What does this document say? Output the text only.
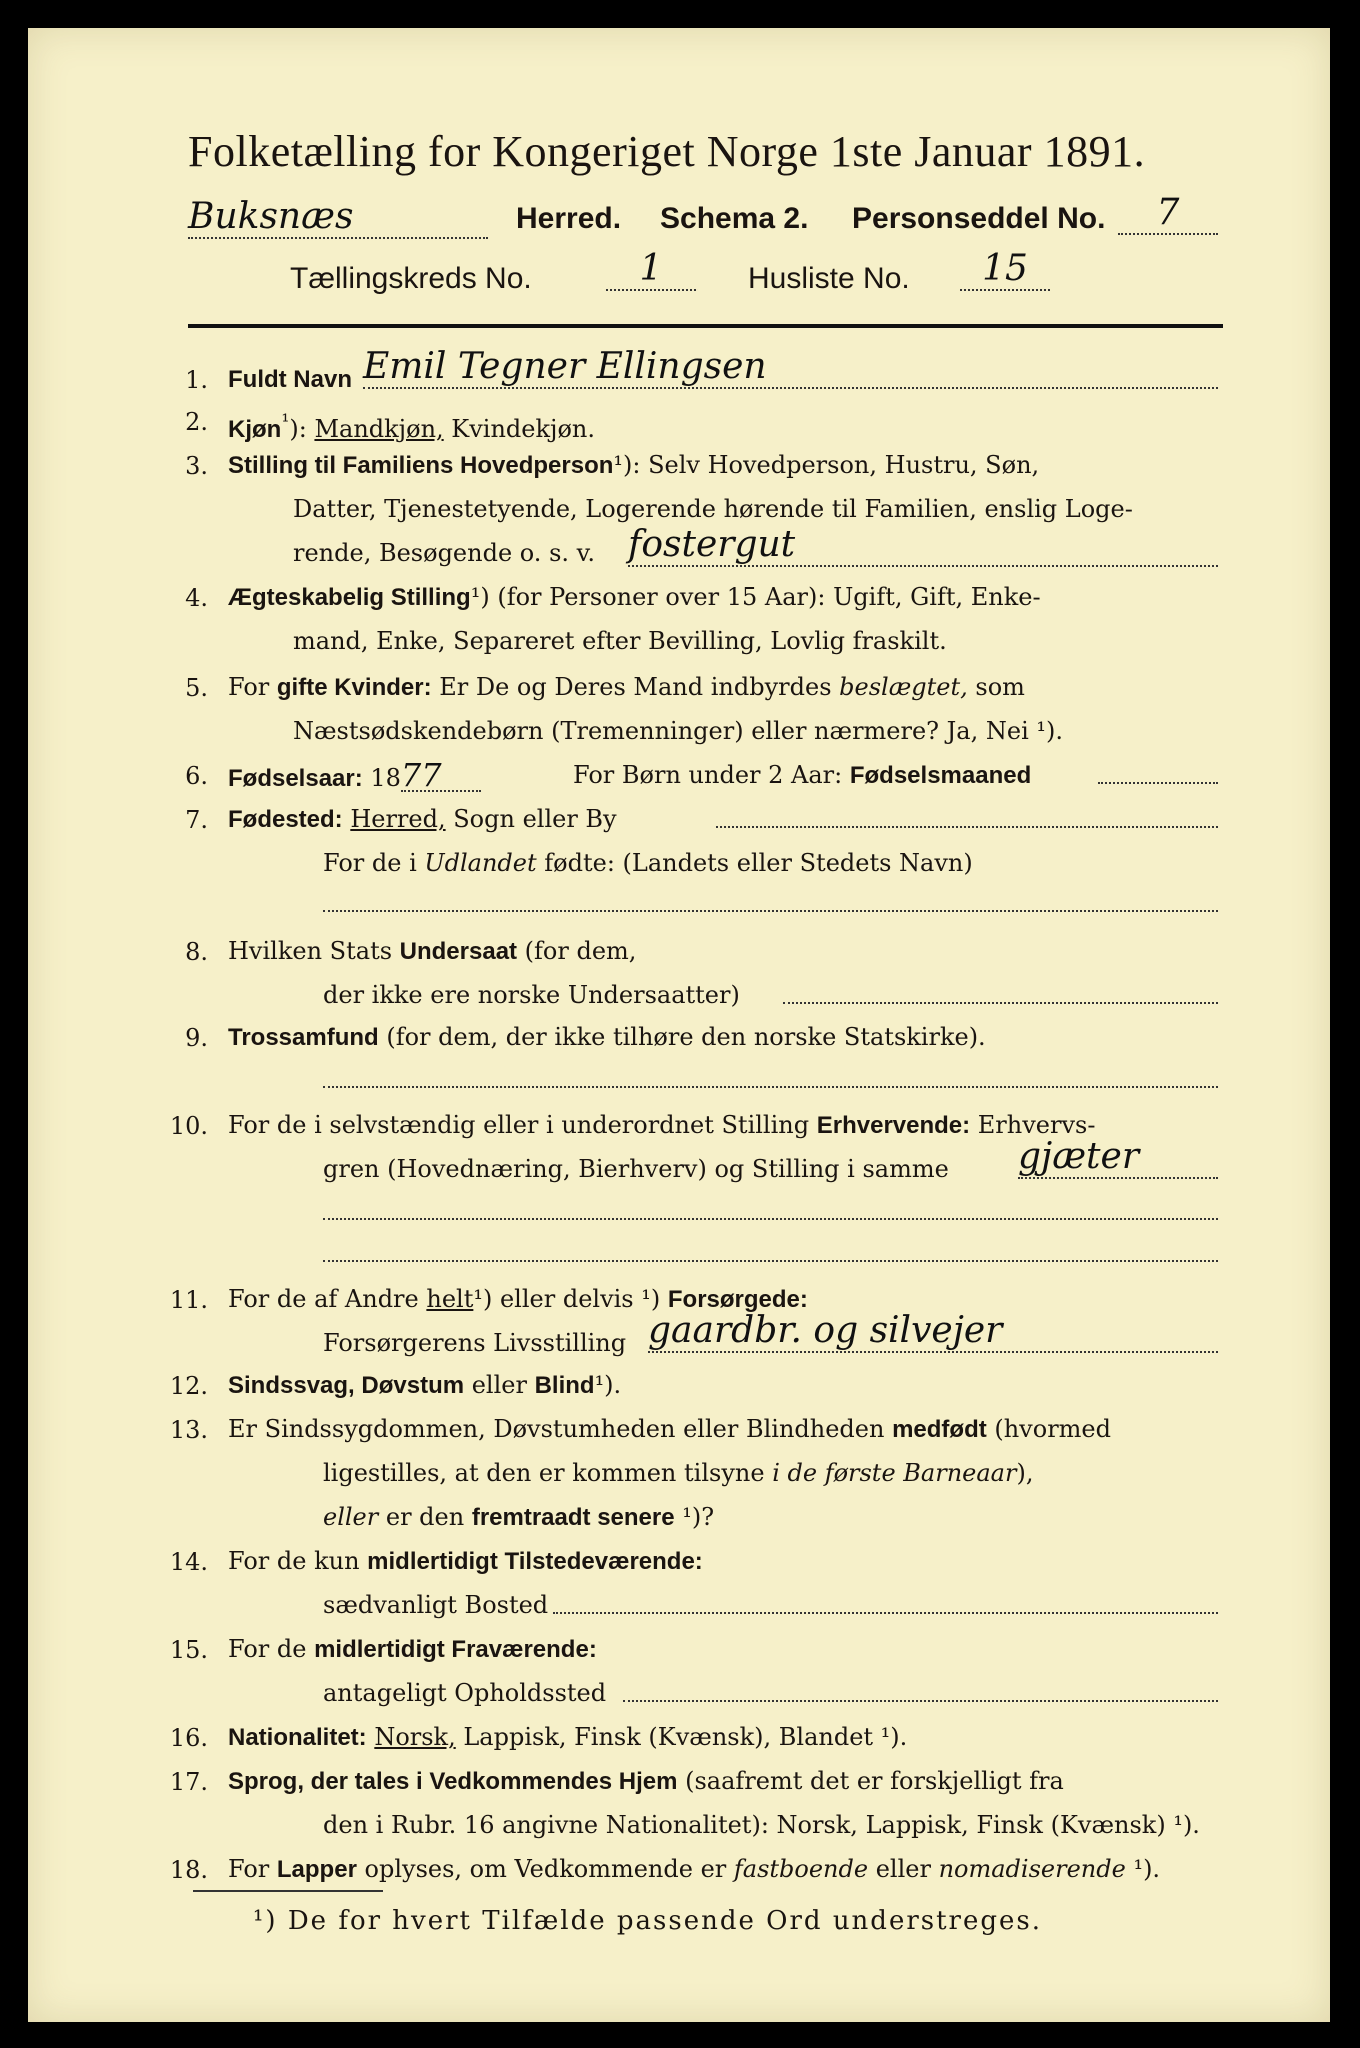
Folketælling for Kongeriget Norge 1ste Januar 1891.
Buksnæs	Herred. Schema 2. Personseddel No.	7
Tællingskreds No.	1	Husliste No.	15
1. Fuldt Navn Emil Tegner Ellingsen
2. Kjøn$^{^1}$): Mandkjøn, Kvindekjøn.
3. Stilling til Familiens Hovedperson¹): Selv Hovedperson, Hustru, Søn,
Datter, Tjenestetyende, Logerende hørende til Familien, enslig Loge-
rende, Besøgende o. s. v. fostergut
4. Ægteskabelig Stilling¹) (for Personer over 15 Aar): Ugift, Gift, Enke-
mand, Enke, Separeret efter Bevilling, Lovlig fraskilt.
5. For gifte Kvinder: Er De og Deres Mand indbyrdes beslægtet, som
Næstsødskendebørn (Tremenninger) eller nærmere? Ja, Nei ¹).
6. Fødselsaar: 1877	For Børn under 2 Aar: Fødselsmaaned
7. Fødested: Herred, Sogn eller By
For de i Udlandet fødte: (Landets eller Stedets Navn)
8. Hvilken Stats Undersaat (for dem,
der ikke ere norske Undersaatter)
9. Trossamfund (for dem, der ikke tilhøre den norske Statskirke).
10. For de i selvstændig eller i underordnet Stilling Erhvervende: Erhvervs-
gren (Hovednæring, Bierhverv) og Stilling i samme gjæter
11. For de af Andre helt¹) eller delvis ¹) Forsørgede:
Forsørgerens Livsstilling gaardbr. og silvejer
12. Sindssvag, Døvstum eller Blind¹).
13. Er Sindssygdommen, Døvstumheden eller Blindheden medfødt (hvormed
ligestilles, at den er kommen tilsyne i de første Barneaar),
eller er den fremtraadt senere ¹)?
14. For de kun midlertidigt Tilstedeværende:
sædvanligt Bosted
15. For de midlertidigt Fraværende:
antageligt Opholdssted
16. Nationalitet: Norsk, Lappisk, Finsk (Kvænsk), Blandet ¹).
17. Sprog, der tales i Vedkommendes Hjem (saafremt det er forskjelligt fra
den i Rubr. 16 angivne Nationalitet): Norsk, Lappisk, Finsk (Kvænsk) ¹).
18. For Lapper oplyses, om Vedkommende er fastboende eller nomadiserende ¹).
¹) De for hvert Tilfælde passende Ord understreges.
